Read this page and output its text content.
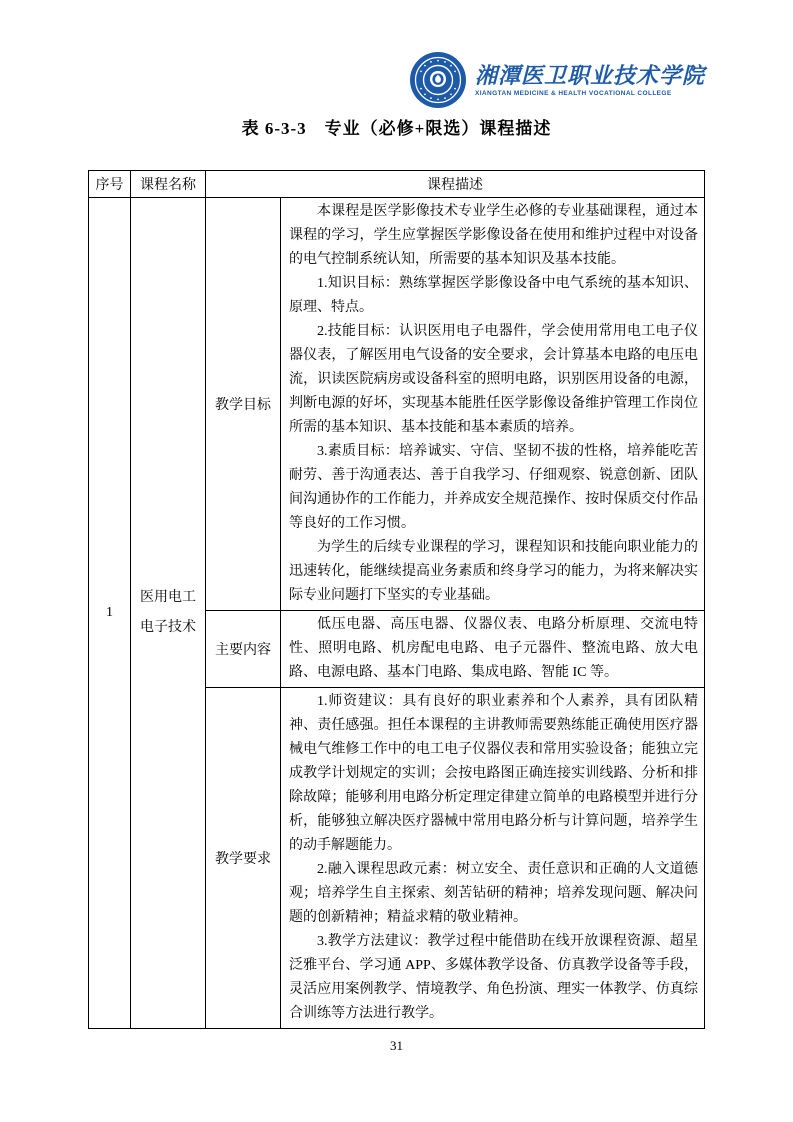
湘潭医卫职业技术学院
XIANGTAN MEDICINE & HEALTH VOCATIONAL COLLEGE
表 6-3-3　专业（必修+限选）课程描述
序号	课程名称	课程描述	
1	医用电工电子技术	教学目标	本课程是医学影像技术专业学生必修的专业基础课程，通过本课程的学习，学生应掌握医学影像设备在使用和维护过程中对设备的电气控制系统认知，所需要的基本知识及基本技能。

1.知识目标：熟练掌握医学影像设备中电气系统的基本知识、原理、特点。

2.技能目标：认识医用电子电器件，学会使用常用电工电子仪器仪表，了解医用电气设备的安全要求，会计算基本电路的电压电流，识读医院病房或设备科室的照明电路，识别医用设备的电源，判断电源的好坏，实现基本能胜任医学影像设备维护管理工作岗位所需的基本知识、基本技能和基本素质的培养。

3.素质目标：培养诚实、守信、坚韧不拔的性格，培养能吃苦耐劳、善于沟通表达、善于自我学习、仔细观察、锐意创新、团队间沟通协作的工作能力，并养成安全规范操作、按时保质交付作品等良好的工作习惯。

为学生的后续专业课程的学习，课程知识和技能向职业能力的迅速转化，能继续提高业务素质和终身学习的能力，为将来解决实际专业问题打下坚实的专业基础。

		主要内容	低压电器、高压电器、仪器仪表、电路分析原理、交流电特性、照明电路、机房配电电路、电子元器件、整流电路、放大电路、电源电路、基本门电路、集成电路、智能 IC 等。

		教学要求	1.师资建议：具有良好的职业素养和个人素养，具有团队精神、责任感强。担任本课程的主讲教师需要熟练能正确使用医疗器械电气维修工作中的电工电子仪器仪表和常用实验设备；能独立完成教学计划规定的实训；会按电路图正确连接实训线路、分析和排除故障；能够利用电路分析定理定律建立简单的电路模型并进行分析，能够独立解决医疗器械中常用电路分析与计算问题，培养学生的动手解题能力。

2.融入课程思政元素：树立安全、责任意识和正确的人文道德观；培养学生自主探索、刻苦钻研的精神；培养发现问题、解决问题的创新精神；精益求精的敬业精神。

3.教学方法建议：教学过程中能借助在线开放课程资源、超星泛雅平台、学习通 APP、多媒体教学设备、仿真教学设备等手段，灵活应用案例教学、情境教学、角色扮演、理实一体教学、仿真综合训练等方法进行教学。

31
